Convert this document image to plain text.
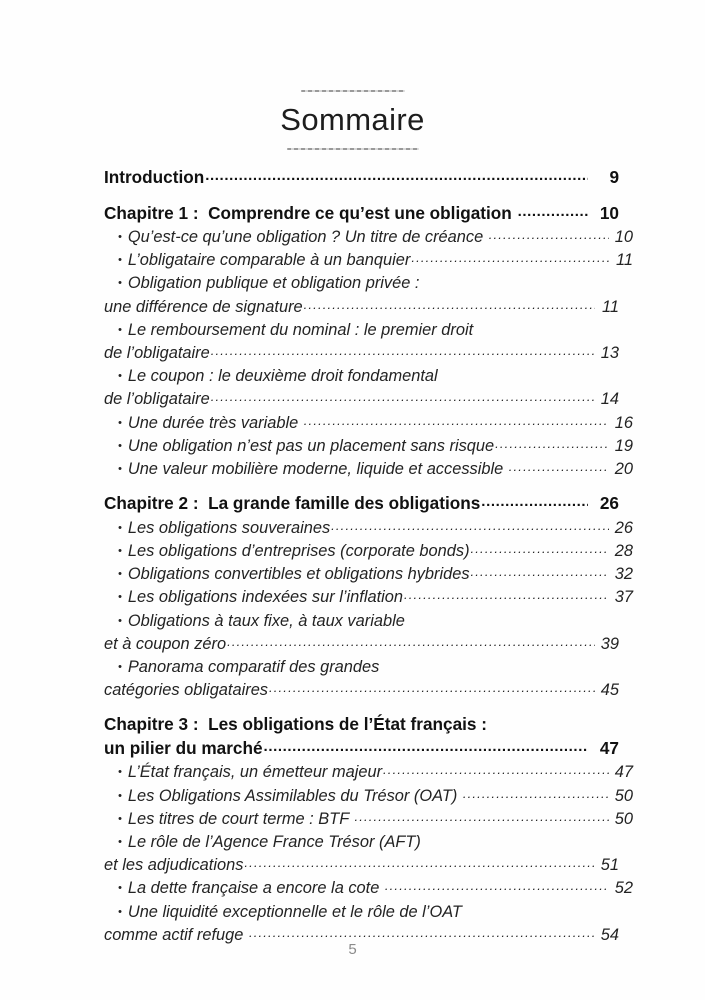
Sommaire
Introduction .....	9
Chapitre 1 :  Comprendre ce qu’est une obligation .....	10
• Qu’est-ce qu’une obligation ? Un titre de créance .....	10
• L’obligataire comparable à un banquier .....	11
• Obligation publique et obligation privée :
une différence de signature .....	11
• Le remboursement du nominal : le premier droit
de l’obligataire .....	13
• Le coupon : le deuxième droit fondamental
de l’obligataire .....	14
• Une durée très variable .....	16
• Une obligation n’est pas un placement sans risque .....	19
• Une valeur mobilière moderne, liquide et accessible .....	20
Chapitre 2 :  La grande famille des obligations .....	26
• Les obligations souveraines .....	26
• Les obligations d’entreprises (corporate bonds) .....	28
• Obligations convertibles et obligations hybrides .....	32
• Les obligations indexées sur l’inflation .....	37
• Obligations à taux fixe, à taux variable
et à coupon zéro .....	39
• Panorama comparatif des grandes
catégories obligataires .....	45
Chapitre 3 :  Les obligations de l’État français :
un pilier du marché .....	47
• L’État français, un émetteur majeur .....	47
• Les Obligations Assimilables du Trésor (OAT) .....	50
• Les titres de court terme : BTF .....	50
• Le rôle de l’Agence France Trésor (AFT)
et les adjudications .....	51
• La dette française a encore la cote .....	52
• Une liquidité exceptionnelle et le rôle de l’OAT
comme actif refuge .....	54
5
